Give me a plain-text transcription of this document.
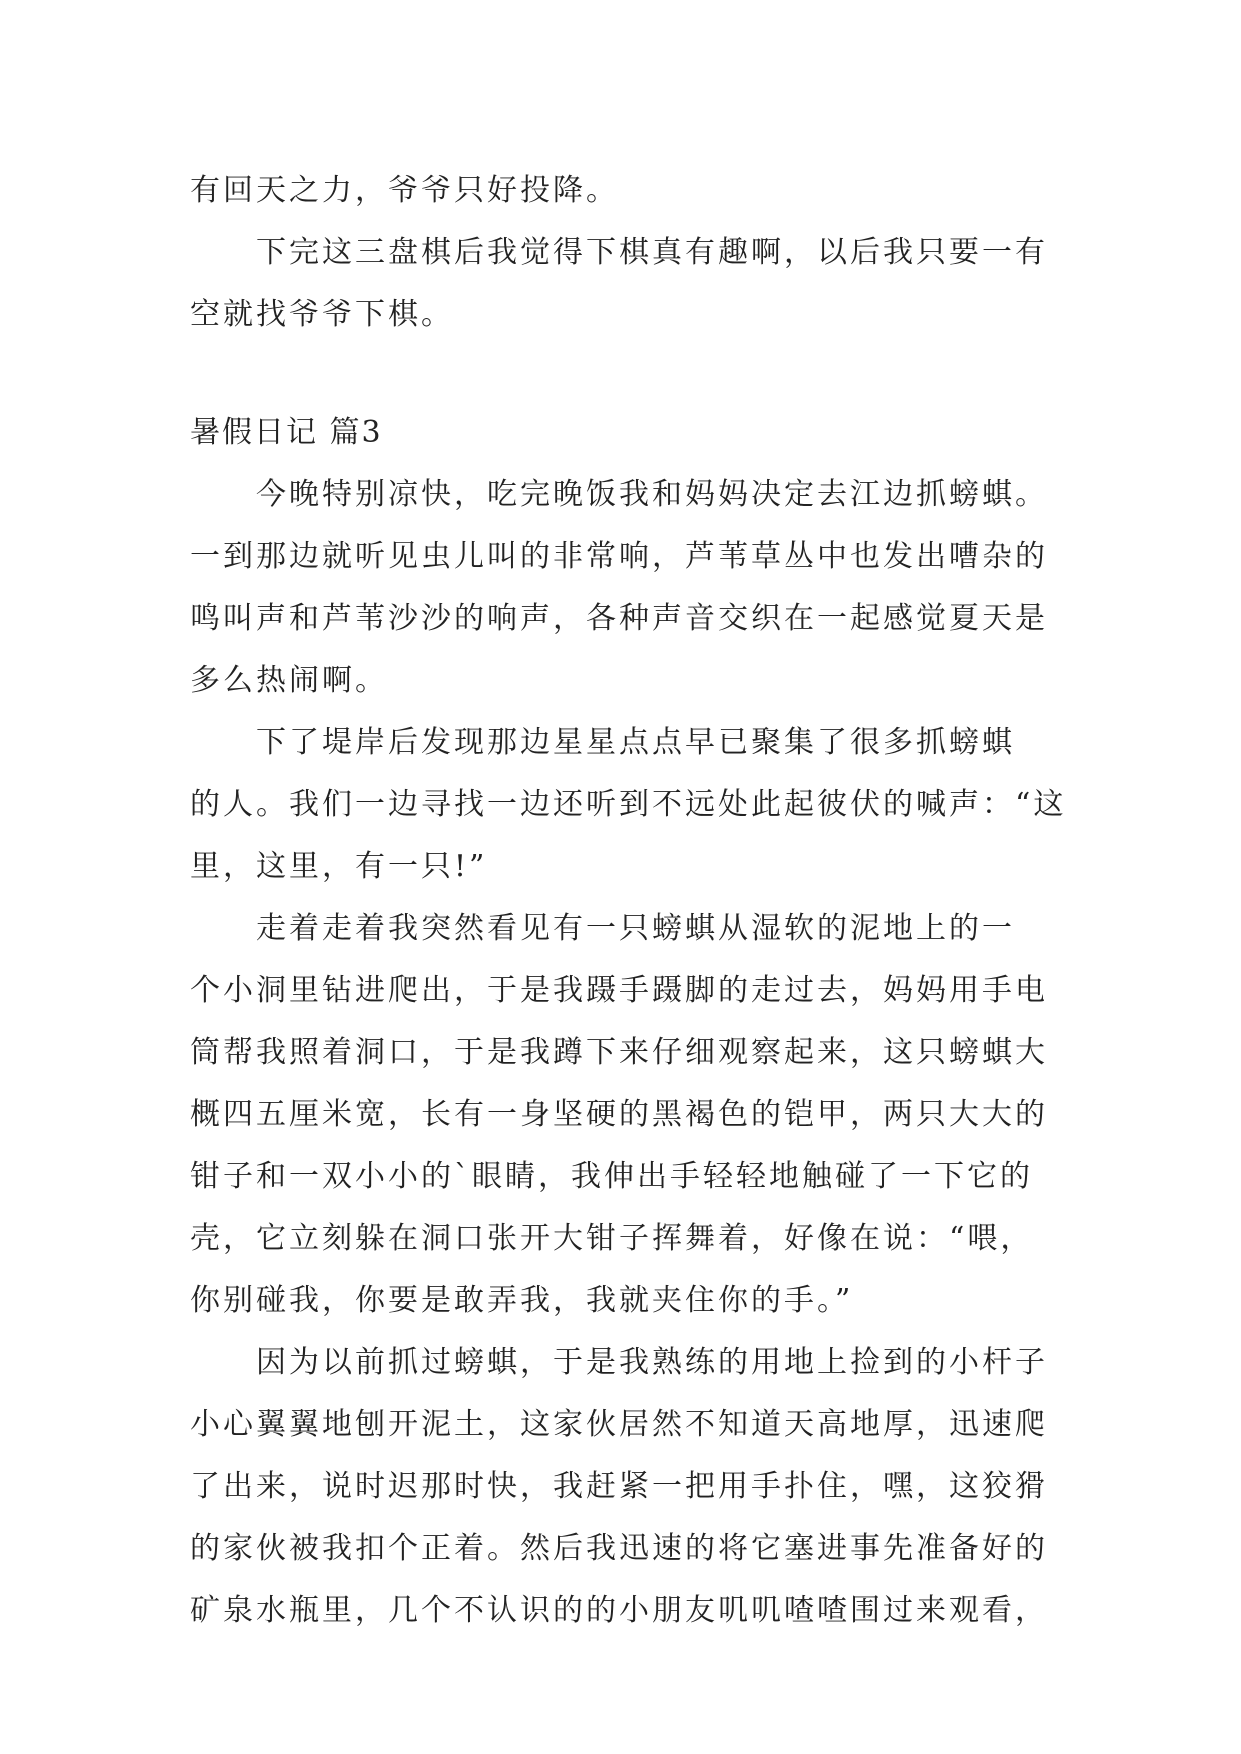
有回天之力，爷爷只好投降。
下完这三盘棋后我觉得下棋真有趣啊，以后我只要一有
空就找爷爷下棋。
暑假日记 篇3
今晚特别凉快，吃完晚饭我和妈妈决定去江边抓螃蜞。
一到那边就听见虫儿叫的非常响，芦苇草丛中也发出嘈杂的
鸣叫声和芦苇沙沙的响声，各种声音交织在一起感觉夏天是
多么热闹啊。
下了堤岸后发现那边星星点点早已聚集了很多抓螃蜞
的人。我们一边寻找一边还听到不远处此起彼伏的喊声：“这
里，这里，有一只!”
走着走着我突然看见有一只螃蜞从湿软的泥地上的一
个小洞里钻进爬出，于是我蹑手蹑脚的走过去，妈妈用手电
筒帮我照着洞口，于是我蹲下来仔细观察起来，这只螃蜞大
概四五厘米宽，长有一身坚硬的黑褐色的铠甲，两只大大的
钳子和一双小小的`眼睛，我伸出手轻轻地触碰了一下它的
壳，它立刻躲在洞口张开大钳子挥舞着，好像在说：“喂，
你别碰我，你要是敢弄我，我就夹住你的手。”
因为以前抓过螃蜞，于是我熟练的用地上捡到的小杆子
小心翼翼地刨开泥土，这家伙居然不知道天高地厚，迅速爬
了出来，说时迟那时快，我赶紧一把用手扑住，嘿，这狡猾
的家伙被我扣个正着。然后我迅速的将它塞进事先准备好的
矿泉水瓶里，几个不认识的的小朋友叽叽喳喳围过来观看，
